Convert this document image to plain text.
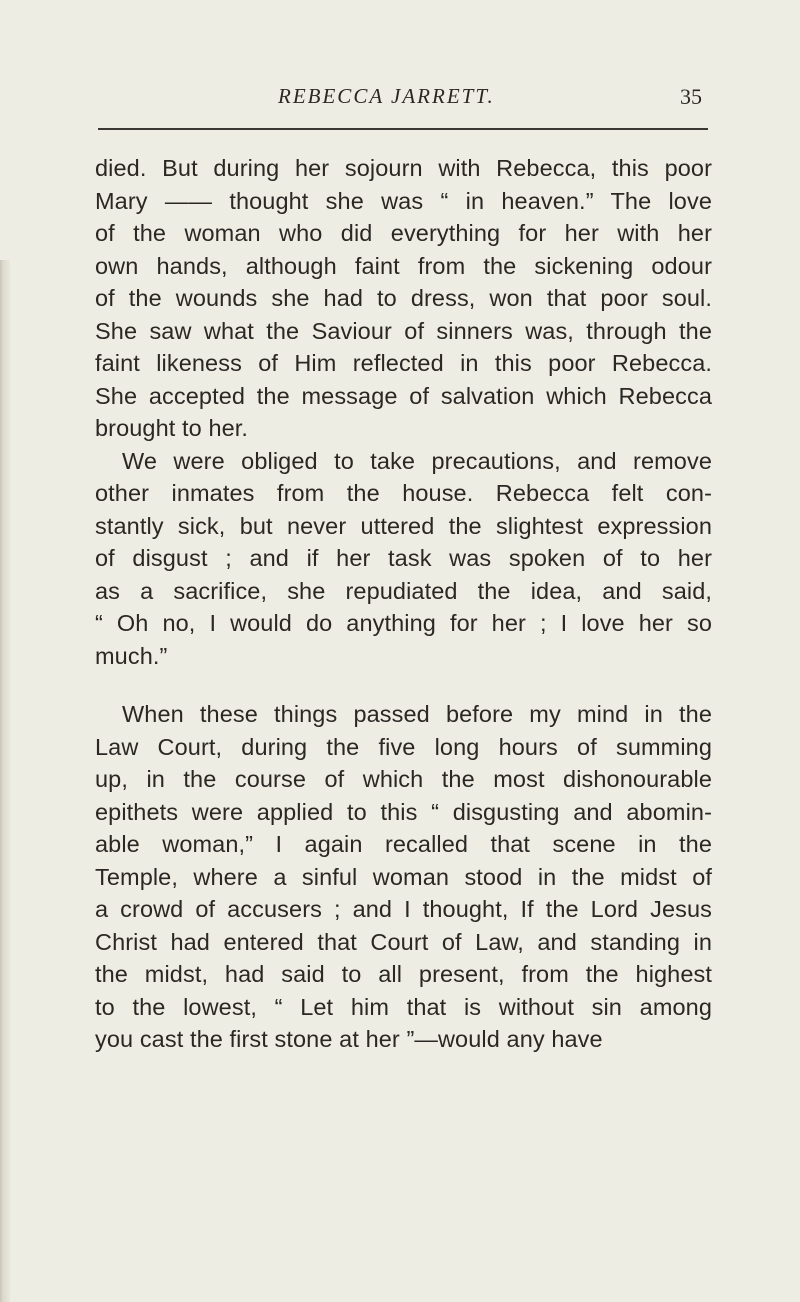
REBECCA JARRETT.	35
died. But during her sojourn with Rebecca, this poor
Mary —— thought she was “ in heaven.” The love
of the woman who did everything for her with her
own hands, although faint from the sickening odour
of the wounds she had to dress, won that poor soul.
She saw what the Saviour of sinners was, through the
faint likeness of Him reflected in this poor Rebecca.
She accepted the message of salvation which Rebecca
brought to her.
We were obliged to take precautions, and remove
other inmates from the house. Rebecca felt con-
stantly sick, but never uttered the slightest expression
of disgust ; and if her task was spoken of to her
as a sacrifice, she repudiated the idea, and said,
“ Oh no, I would do anything for her ; I love her so
much.”
When these things passed before my mind in the
Law Court, during the five long hours of summing
up, in the course of which the most dishonourable
epithets were applied to this “ disgusting and abomin-
able woman,” I again recalled that scene in the
Temple, where a sinful woman stood in the midst of
a crowd of accusers ; and I thought, If the Lord Jesus
Christ had entered that Court of Law, and standing in
the midst, had said to all present, from the highest
to the lowest, “ Let him that is without sin among
you cast the first stone at her ”—would any have
